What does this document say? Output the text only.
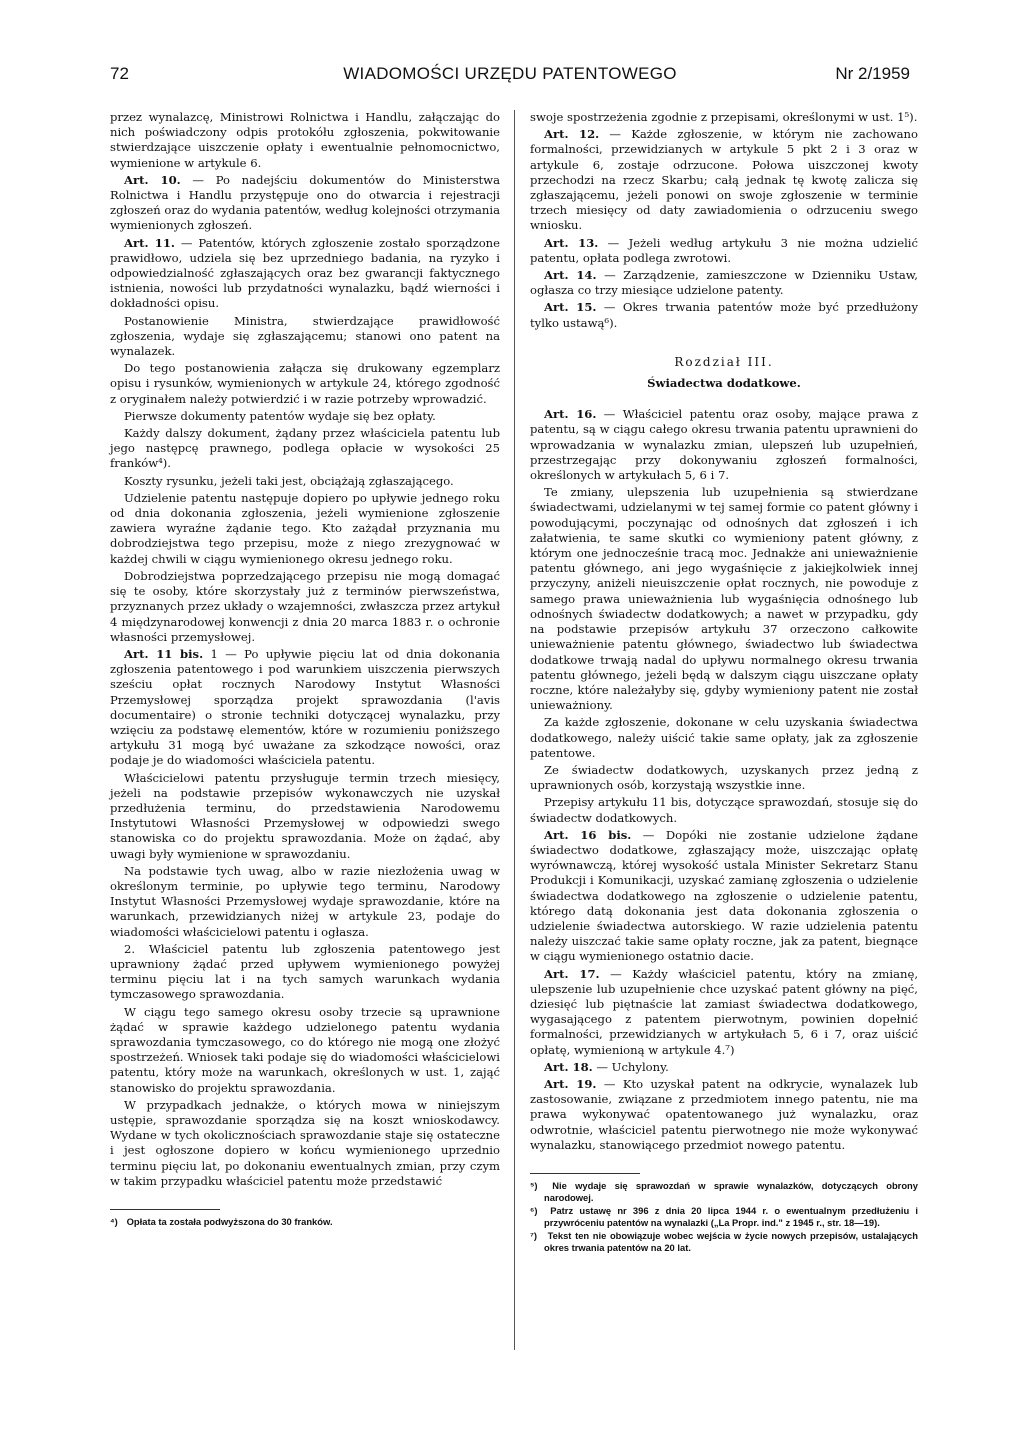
72	WIADOMOŚCI URZĘDU PATENTOWEGO	Nr 2/1959

przez wynalazcę, Ministrowi Rolnictwa i Handlu, załączając do nich poświadczony odpis protokółu zgłoszenia, pokwitowanie stwierdzające uiszczenie opłaty i ewentualnie pełnomocnictwo, wymienione w artykule 6.

Art. 10. — Po nadejściu dokumentów do Ministerstwa Rolnictwa i Handlu przystępuje ono do otwarcia i rejestracji zgłoszeń oraz do wydania patentów, według kolejności otrzymania wymienionych zgłoszeń.

Art. 11. — Patentów, których zgłoszenie zostało sporządzone prawidłowo, udziela się bez uprzedniego badania, na ryzyko i odpowiedzialność zgłaszających oraz bez gwarancji faktycznego istnienia, nowości lub przydatności wynalazku, bądź wierności i dokładności opisu.

Postanowienie Ministra, stwierdzające prawidłowość zgłoszenia, wydaje się zgłaszającemu; stanowi ono patent na wynalazek.

Do tego postanowienia załącza się drukowany egzemplarz opisu i rysunków, wymienionych w artykule 24, którego zgodność z oryginałem należy potwierdzić i w razie potrzeby wprowadzić.

Pierwsze dokumenty patentów wydaje się bez opłaty.

Każdy dalszy dokument, żądany przez właściciela patentu lub jego następcę prawnego, podlega opłacie w wysokości 25 franków⁴).

Koszty rysunku, jeżeli taki jest, obciążają zgłaszającego.

Udzielenie patentu następuje dopiero po upływie jednego roku od dnia dokonania zgłoszenia, jeżeli wymienione zgłoszenie zawiera wyraźne żądanie tego. Kto zażądał przyznania mu dobrodziejstwa tego przepisu, może z niego zrezygnować w każdej chwili w ciągu wymienionego okresu jednego roku.

Dobrodziejstwa poprzedzającego przepisu nie mogą domagać się te osoby, które skorzystały już z terminów pierwszeństwa, przyznanych przez układy o wzajemności, zwłaszcza przez artykuł 4 międzynarodowej konwencji z dnia 20 marca 1883 r. o ochronie własności przemysłowej.

Art. 11 bis. 1 — Po upływie pięciu lat od dnia dokonania zgłoszenia patentowego i pod warunkiem uiszczenia pierwszych sześciu opłat rocznych Narodowy Instytut Własności Przemysłowej sporządza projekt sprawozdania (l'avis documentaire) o stronie techniki dotyczącej wynalazku, przy wzięciu za podstawę elementów, które w rozumieniu poniższego artykułu 31 mogą być uważane za szkodzące nowości, oraz podaje je do wiadomości właściciela patentu.

Właścicielowi patentu przysługuje termin trzech miesięcy, jeżeli na podstawie przepisów wykonawczych nie uzyskał przedłużenia terminu, do przedstawienia Narodowemu Instytutowi Własności Przemysłowej w odpowiedzi swego stanowiska co do projektu sprawozdania. Może on żądać, aby uwagi były wymienione w sprawozdaniu.

Na podstawie tych uwag, albo w razie niezłożenia uwag w określonym terminie, po upływie tego terminu, Narodowy Instytut Własności Przemysłowej wydaje sprawozdanie, które na warunkach, przewidzianych niżej w artykule 23, podaje do wiadomości właścicielowi patentu i ogłasza.

2. Właściciel patentu lub zgłoszenia patentowego jest uprawniony żądać przed upływem wymienionego powyżej terminu pięciu lat i na tych samych warunkach wydania tymczasowego sprawozdania.

W ciągu tego samego okresu osoby trzecie są uprawnione żądać w sprawie każdego udzielonego patentu wydania sprawozdania tymczasowego, co do którego nie mogą one złożyć spostrzeżeń. Wniosek taki podaje się do wiadomości właścicielowi patentu, który może na warunkach, określonych w ust. 1, zająć stanowisko do projektu sprawozdania.

W przypadkach jednakże, o których mowa w niniejszym ustępie, sprawozdanie sporządza się na koszt wnioskodawcy. Wydane w tych okolicznościach sprawozdanie staje się ostateczne i jest ogłoszone dopiero w końcu wymienionego uprzednio terminu pięciu lat, po dokonaniu ewentualnych zmian, przy czym w takim przypadku właściciel patentu może przedstawić

⁴) Opłata ta została podwyższona do 30 franków.

swoje spostrzeżenia zgodnie z przepisami, określonymi w ust. 1⁵).

Art. 12. — Każde zgłoszenie, w którym nie zachowano formalności, przewidzianych w artykule 5 pkt 2 i 3 oraz w artykule 6, zostaje odrzucone. Połowa uiszczonej kwoty przechodzi na rzecz Skarbu; całą jednak tę kwotę zalicza się zgłaszającemu, jeżeli ponowi on swoje zgłoszenie w terminie trzech miesięcy od daty zawiadomienia o odrzuceniu swego wniosku.

Art. 13. — Jeżeli według artykułu 3 nie można udzielić patentu, opłata podlega zwrotowi.

Art. 14. — Zarządzenie, zamieszczone w Dzienniku Ustaw, ogłasza co trzy miesiące udzielone patenty.

Art. 15. — Okres trwania patentów może być przedłużony tylko ustawą⁶).

Rozdział III.

Świadectwa dodatkowe.

Art. 16. — Właściciel patentu oraz osoby, mające prawa z patentu, są w ciągu całego okresu trwania patentu uprawnieni do wprowadzania w wynalazku zmian, ulepszeń lub uzupełnień, przestrzegając przy dokonywaniu zgłoszeń formalności, określonych w artykułach 5, 6 i 7.

Te zmiany, ulepszenia lub uzupełnienia są stwierdzane świadectwami, udzielanymi w tej samej formie co patent główny i powodującymi, poczynając od odnośnych dat zgłoszeń i ich załatwienia, te same skutki co wymieniony patent główny, z którym one jednocześnie tracą moc. Jednakże ani unieważnienie patentu głównego, ani jego wygaśnięcie z jakiejkolwiek innej przyczyny, aniżeli nieuiszczenie opłat rocznych, nie powoduje z samego prawa unieważnienia lub wygaśnięcia odnośnego lub odnośnych świadectw dodatkowych; a nawet w przypadku, gdy na podstawie przepisów artykułu 37 orzeczono całkowite unieważnienie patentu głównego, świadectwo lub świadectwa dodatkowe trwają nadal do upływu normalnego okresu trwania patentu głównego, jeżeli będą w dalszym ciągu uiszczane opłaty roczne, które należałyby się, gdyby wymieniony patent nie został unieważniony.

Za każde zgłoszenie, dokonane w celu uzyskania świadectwa dodatkowego, należy uiścić takie same opłaty, jak za zgłoszenie patentowe.

Ze świadectw dodatkowych, uzyskanych przez jedną z uprawnionych osób, korzystają wszystkie inne.

Przepisy artykułu 11 bis, dotyczące sprawozdań, stosuje się do świadectw dodatkowych.

Art. 16 bis. — Dopóki nie zostanie udzielone żądane świadectwo dodatkowe, zgłaszający może, uiszczając opłatę wyrównawczą, której wysokość ustala Minister Sekretarz Stanu Produkcji i Komunikacji, uzyskać zamianę zgłoszenia o udzielenie świadectwa dodatkowego na zgłoszenie o udzielenie patentu, którego datą dokonania jest data dokonania zgłoszenia o udzielenie świadectwa autorskiego. W razie udzielenia patentu należy uiszczać takie same opłaty roczne, jak za patent, biegnące w ciągu wymienionego ostatnio dacie.

Art. 17. — Każdy właściciel patentu, który na zmianę, ulepszenie lub uzupełnienie chce uzyskać patent główny na pięć, dziesięć lub piętnaście lat zamiast świadectwa dodatkowego, wygasającego z patentem pierwotnym, powinien dopełnić formalności, przewidzianych w artykułach 5, 6 i 7, oraz uiścić opłatę, wymienioną w artykule 4.⁷)

Art. 18. — Uchylony.

Art. 19. — Kto uzyskał patent na odkrycie, wynalazek lub zastosowanie, związane z przedmiotem innego patentu, nie ma prawa wykonywać opatentowanego już wynalazku, oraz odwrotnie, właściciel patentu pierwotnego nie może wykonywać wynalazku, stanowiącego przedmiot nowego patentu.

⁵) Nie wydaje się sprawozdań w sprawie wynalazków, dotyczących obrony narodowej.

⁶) Patrz ustawę nr 396 z dnia 20 lipca 1944 r. o ewentualnym przedłużeniu i przywróceniu patentów na wynalazki („La Propr. ind." z 1945 r., str. 18—19).

⁷) Tekst ten nie obowiązuje wobec wejścia w życie nowych przepisów, ustalających okres trwania patentów na 20 lat.
